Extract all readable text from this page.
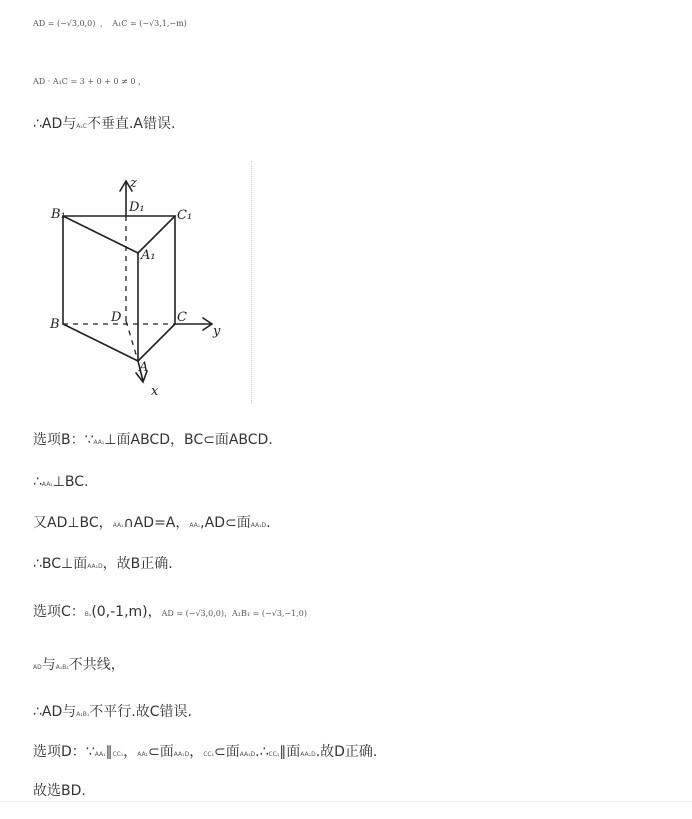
AD = (−√3,0,0) ， A₁C = (−√3,1,−m)
AD · A₁C = 3 + 0 + 0 ≠ 0 ，
∴AD与A₁C不垂直.A错误.
z
B₁	D₁
C₁
A₁
D
B	C
y
A
x
选项B：∵AA₁⊥面ABCD，BC⊂面ABCD.
∴AA₁⊥BC.
又AD⊥BC，AA₁∩AD=A，AA₁,AD⊂面AA₁D.
∴BC⊥面AA₁D，故B正确.
选项C：B₁(0,-1,m)，AD = (−√3,0,0)，A₁B₁ = (−√3,−1,0)
AD与A₁B₁不共线，
∴AD与A₁B₁不平行.故C错误.
选项D：∵AA₁∥CC₁，AA₁⊂面AA₁D，CC₁⊂面AA₁D.∴CC₁∥面AA₁D.故D正确.
故选BD.
